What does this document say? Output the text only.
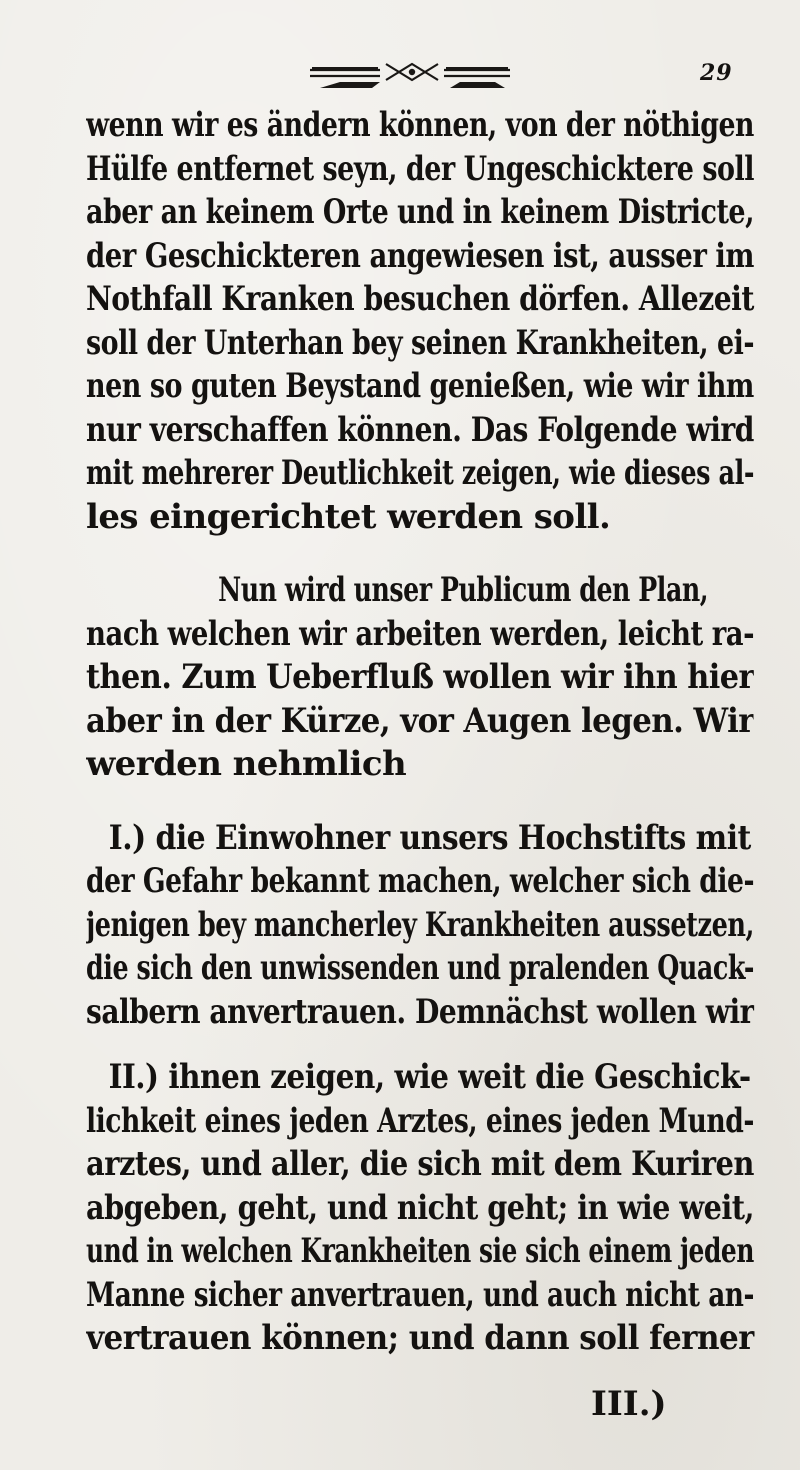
29
wenn wir es ändern können, von der nöthigen
Hülfe entfernet seyn, der Ungeschicktere soll
aber an keinem Orte und in keinem Districte,
der Geschickteren angewiesen ist, ausser im
Nothfall Kranken besuchen dörfen. Allezeit
soll der Unterhan bey seinen Krankheiten, ei-
nen so guten Beystand genießen, wie wir ihm
nur verschaffen können. Das Folgende wird
mit mehrerer Deutlichkeit zeigen, wie dieses al-
les eingerichtet werden soll.
Nun wird unser Publicum den Plan,
nach welchen wir arbeiten werden, leicht ra-
then. Zum Ueberfluß wollen wir ihn hier
aber in der Kürze, vor Augen legen. Wir
werden nehmlich
I.) die Einwohner unsers Hochstifts mit
der Gefahr bekannt machen, welcher sich die-
jenigen bey mancherley Krankheiten aussetzen,
die sich den unwissenden und pralenden Quack-
salbern anvertrauen. Demnächst wollen wir
II.) ihnen zeigen, wie weit die Geschick-
lichkeit eines jeden Arztes, eines jeden Mund-
arztes, und aller, die sich mit dem Kuriren
abgeben, geht, und nicht geht; in wie weit,
und in welchen Krankheiten sie sich einem jeden
Manne sicher anvertrauen, und auch nicht an-
vertrauen können; und dann soll ferner
III.)
